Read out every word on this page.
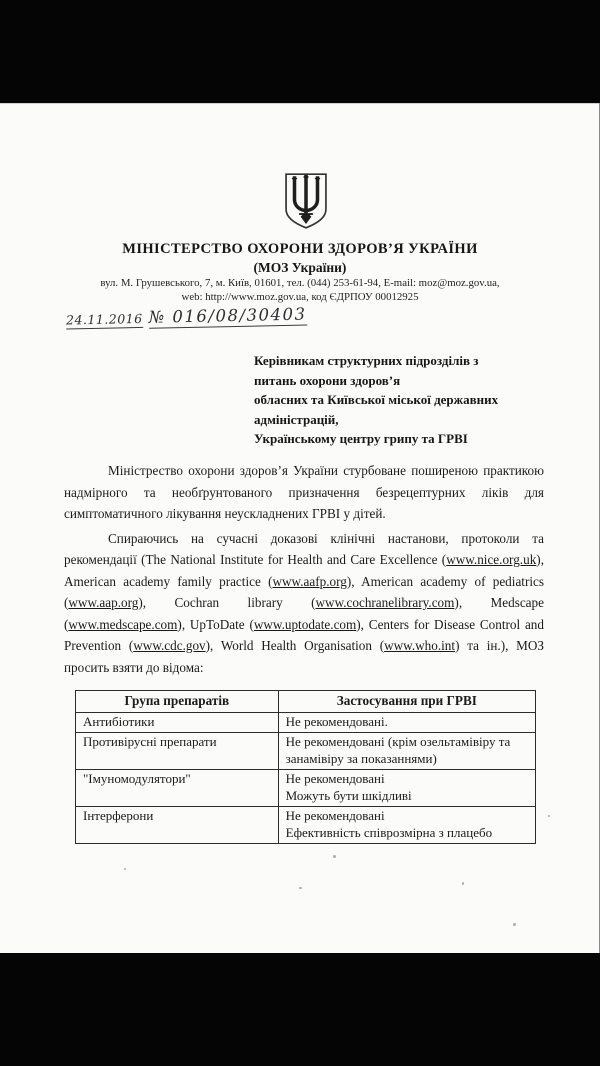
МІНІСТЕРСТВО ОХОРОНИ ЗДОРОВ’Я УКРАЇНИ
(МОЗ України)
вул. М. Грушевського, 7, м. Київ, 01601, тел. (044) 253-61-94, E-mail: moz@moz.gov.ua,
web: http://www.moz.gov.ua, код ЄДРПОУ 00012925
24.11.2016 № 016/08/30403
Керівникам структурних підрозділів з
питань охорони здоров’я
обласних та Київської міської державних
адміністрацій,
Українському центру грипу та ГРВІ

Міністрество охорони здоров’я України стурбоване поширеною практикою надмірного та необґрунтованого призначення безрецептурних ліків для симптоматичного лікування неускладнених ГРВІ у дітей.

Спираючись на сучасні доказові клінічні настанови, протоколи та рекомендації (The National Institute for Health and Care Excellence (www.nice.org.uk), American academy family practice (www.aafp.org), American academy of pediatrics (www.aap.org), Cochran library (www.cochranelibrary.com), Medscape (www.medscape.com), UpToDate (www.uptodate.com), Centers for Disease Control and Prevention (www.cdc.gov), World Health Organisation (www.who.int) та ін.), МОЗ просить взяти до відома:

Група препаратів	Застосування при ГРВІ
Антибіотики	Не рекомендовані.

Противірусні препарати	Не рекомендовані (крім озельтамівіру та занамівіру за показаннями)

"Імуномодулятори"	Не рекомендовані
Можуть бути шкідливі

Інтерферони	Не рекомендовані
Ефективність співрозмірна з плацебо
